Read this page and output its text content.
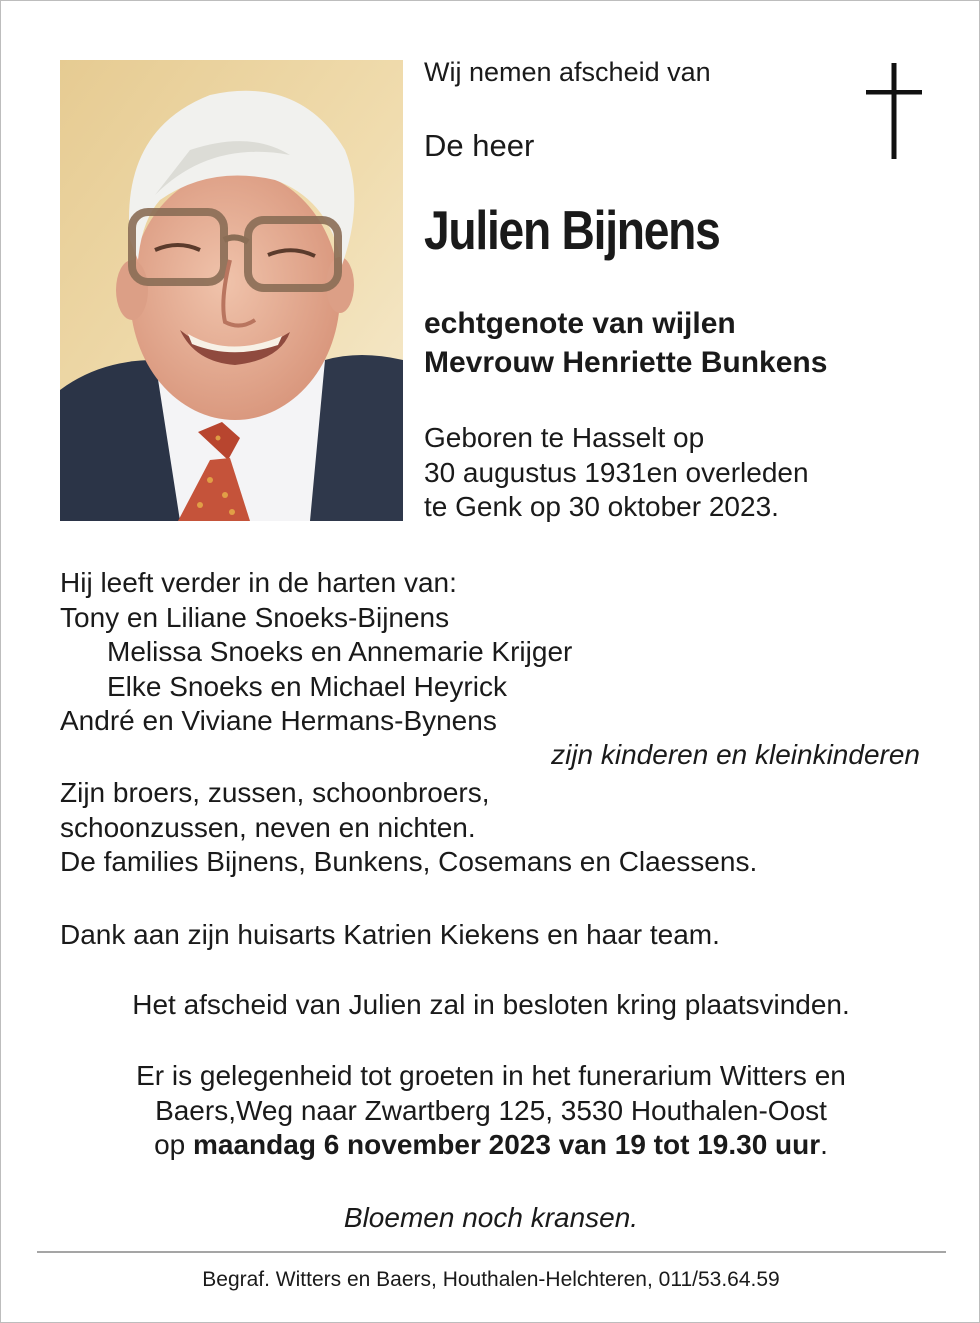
Wij nemen afscheid van
De heer
Julien Bijnens
echtgenote van wijlen
Mevrouw Henriette Bunkens
Geboren te Hasselt op
30 augustus 1931en overleden
te Genk op 30 oktober 2023.
Hij leeft verder in de harten van:
Tony en Liliane Snoeks-Bijnens
Melissa Snoeks en Annemarie Krijger
Elke Snoeks en Michael Heyrick
André en Viviane Hermans-Bynens
zijn kinderen en kleinkinderen
Zijn broers, zussen, schoonbroers,
schoonzussen, neven en nichten.
De families Bijnens, Bunkens, Cosemans en Claessens.
Dank aan zijn huisarts Katrien Kiekens en haar team.
Het afscheid van Julien zal in besloten kring plaatsvinden.
Er is gelegenheid tot groeten in het funerarium Witters en
Baers,Weg naar Zwartberg 125, 3530 Houthalen-Oost
op maandag 6 november 2023 van 19 tot 19.30 uur.
Bloemen noch kransen.
Begraf. Witters en Baers, Houthalen-Helchteren, 011/53.64.59
